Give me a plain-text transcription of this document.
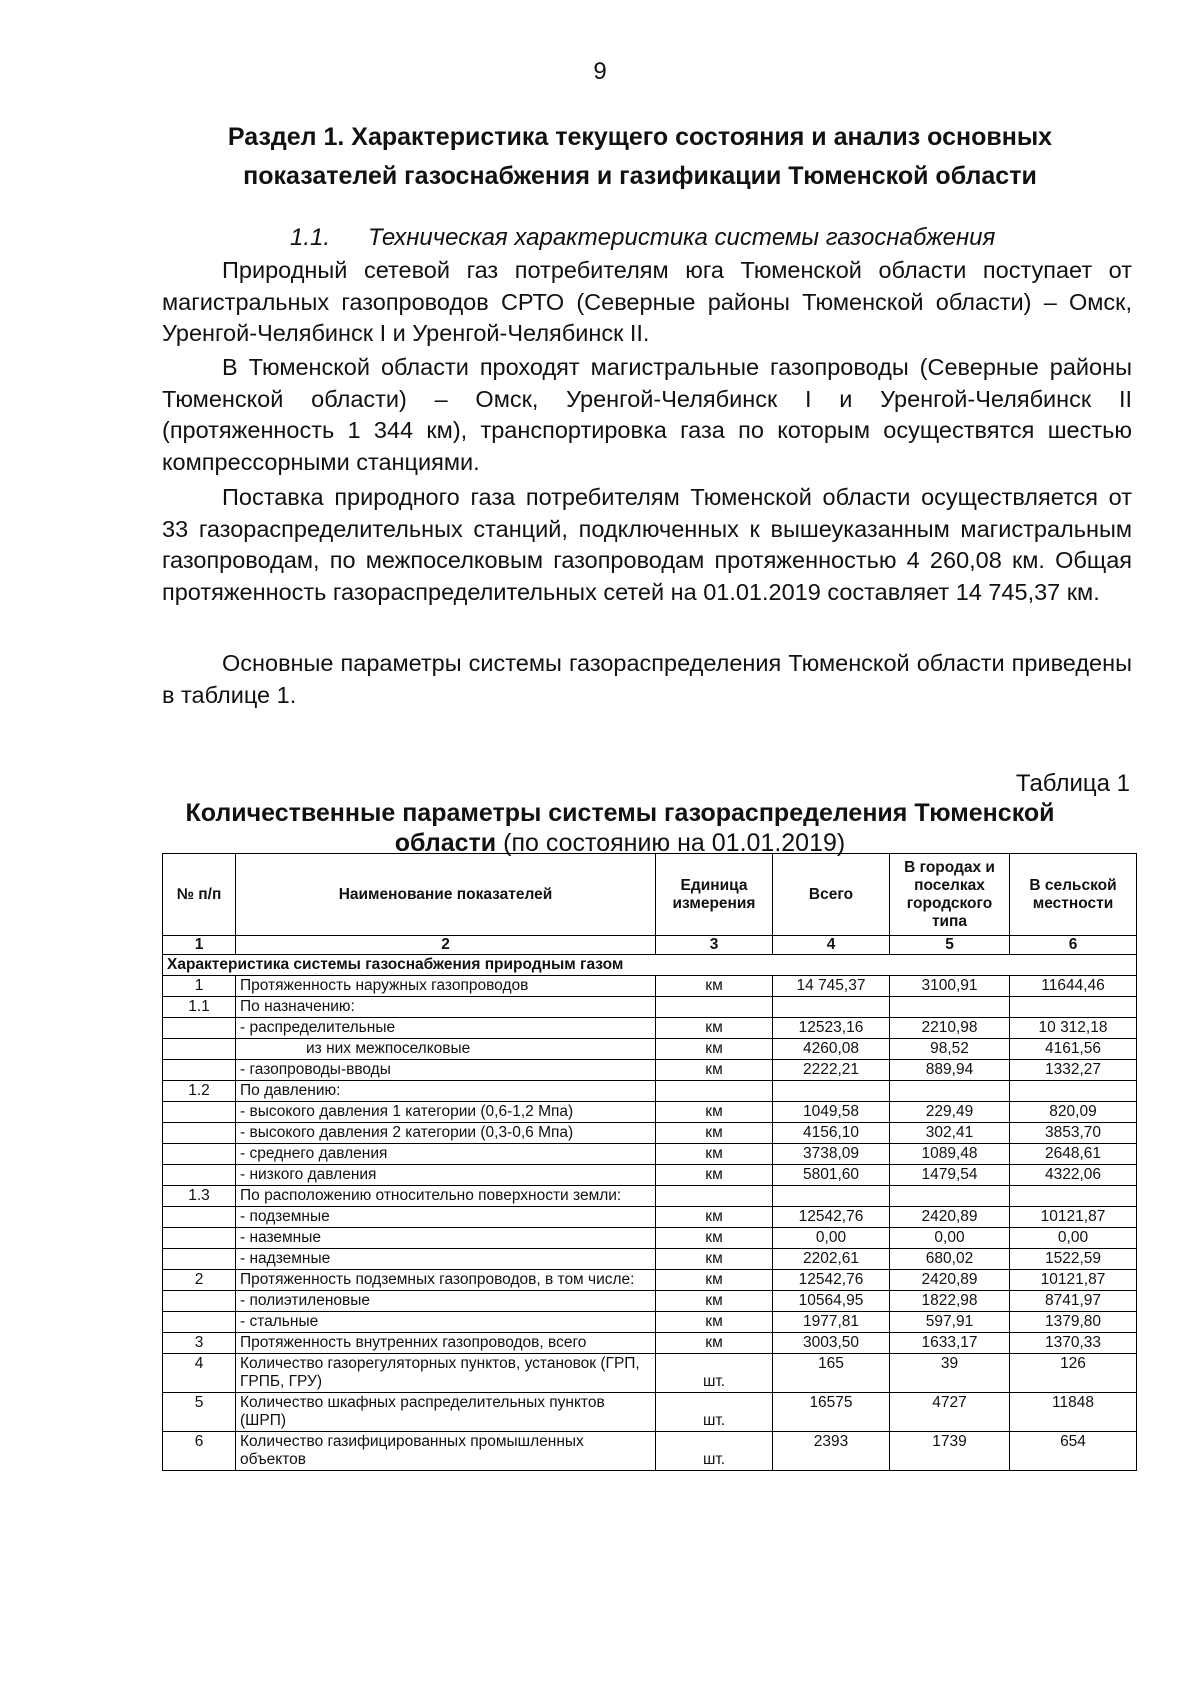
9
Раздел 1. Характеристика текущего состояния и анализ основных показателей газоснабжения и газификации Тюменской области
1.1. Техническая характеристика системы газоснабжения
Природный сетевой газ потребителям юга Тюменской области поступает от магистральных газопроводов СРТО (Северные районы Тюменской области) – Омск, Уренгой-Челябинск I и Уренгой-Челябинск II.
В Тюменской области проходят магистральные газопроводы (Северные районы Тюменской области) – Омск, Уренгой-Челябинск I и Уренгой-Челябинск II (протяженность 1 344 км), транспортировка газа по которым осуществятся шестью компрессорными станциями.
Поставка природного газа потребителям Тюменской области осуществляется от 33 газораспределительных станций, подключенных к вышеуказанным магистральным газопроводам, по межпоселковым газопроводам протяженностью 4 260,08 км. Общая протяженность газораспределительных сетей на 01.01.2019 составляет 14 745,37 км.
Основные параметры системы газораспределения Тюменской области приведены в таблице 1.
Таблица 1
Количественные параметры системы газораспределения Тюменской области (по состоянию на 01.01.2019)
№ п/п	Наименование показателей	Единица измерения	Всего	В городах и поселках городского типа	В сельской местности
1	2	3	4	5	6
Характеристика системы газоснабжения природным газом					
1	Протяженность наружных газопроводов	км	14 745,37	3100,91	11644,46
1.1	По назначению:				
	- распределительные	км	12523,16	2210,98	10 312,18
	из них межпоселковые	км	4260,08	98,52	4161,56
	- газопроводы-вводы	км	2222,21	889,94	1332,27
1.2	По давлению:				
	- высокого давления 1 категории (0,6-1,2 Мпа)	км	1049,58	229,49	820,09
	- высокого давления 2 категории (0,3-0,6 Мпа)	км	4156,10	302,41	3853,70
	- среднего давления	км	3738,09	1089,48	2648,61
	- низкого давления	км	5801,60	1479,54	4322,06
1.3	По расположению относительно поверхности земли:				
	- подземные	км	12542,76	2420,89	10121,87
	- наземные	км	0,00	0,00	0,00
	- надземные	км	2202,61	680,02	1522,59
2	Протяженность подземных газопроводов, в том числе:	км	12542,76	2420,89	10121,87
	- полиэтиленовые	км	10564,95	1822,98	8741,97
	- стальные	км	1977,81	597,91	1379,80
3	Протяженность внутренних газопроводов, всего	км	3003,50	1633,17	1370,33
4	Количество газорегуляторных пунктов, установок (ГРП, ГРПБ, ГРУ)	шт.	165	39	126
5	Количество шкафных распределительных пунктов (ШРП)	шт.	16575	4727	11848
6	Количество газифицированных промышленных объектов	шт.	2393	1739	654
